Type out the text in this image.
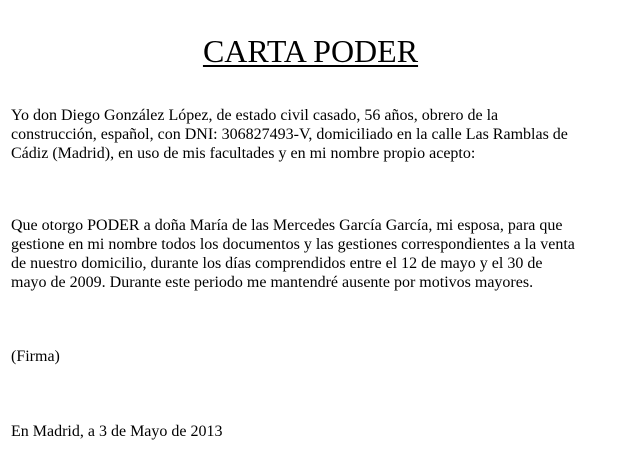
CARTA PODER

Yo don Diego González López, de estado civil casado, 56 años, obrero de la
construcción, español, con DNI: 306827493-V, domiciliado en la calle Las Ramblas de
Cádiz (Madrid), en uso de mis facultades y en mi nombre propio acepto:

Que otorgo PODER a doña María de las Mercedes García García, mi esposa, para que
gestione en mi nombre todos los documentos y las gestiones correspondientes a la venta
de nuestro domicilio, durante los días comprendidos entre el 12 de mayo y el 30 de
mayo de 2009. Durante este periodo me mantendré ausente por motivos mayores.

(Firma)

En Madrid, a 3 de Mayo de 2013
